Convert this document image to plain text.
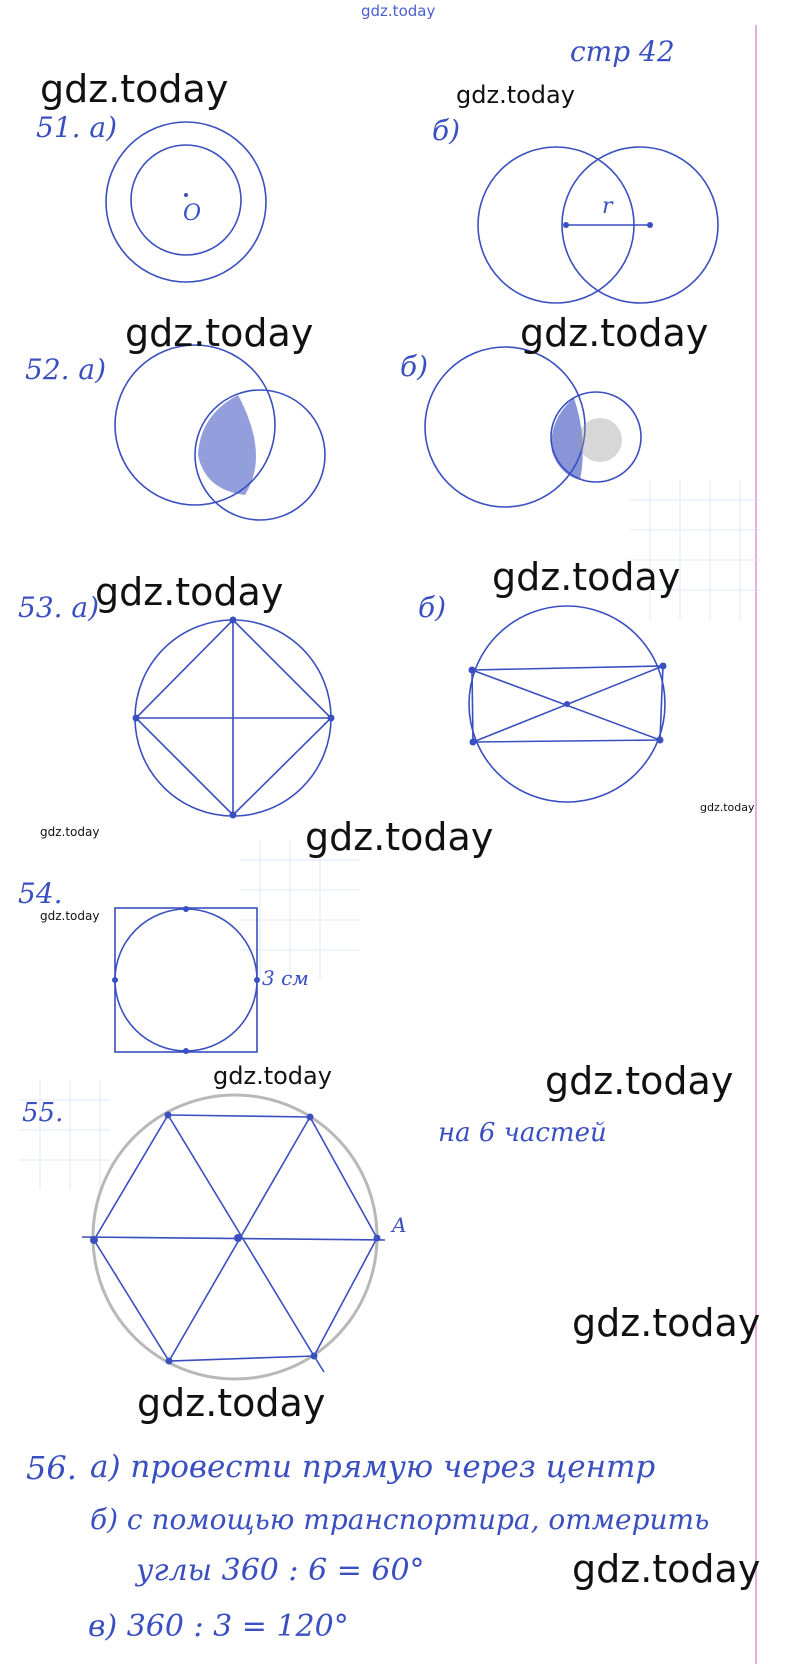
gdz.today
стр 42
gdz.today	gdz.today
gdz.today	gdz.today
gdz.today	gdz.today
gdz.today
gdz.today	gdz.today
gdz.today
gdz.today	gdz.today
gdz.today
gdz.today
gdz.today
51. а)	б)
O	r
52. а)	б)
53. а)	б)
54.
3 см
55.
A
на 6 частей
56. а) провести прямую через центр
б) с помощью транспортира, отмерить
углы 360 : 6 = 60°
в) 360 : 3 = 120°
